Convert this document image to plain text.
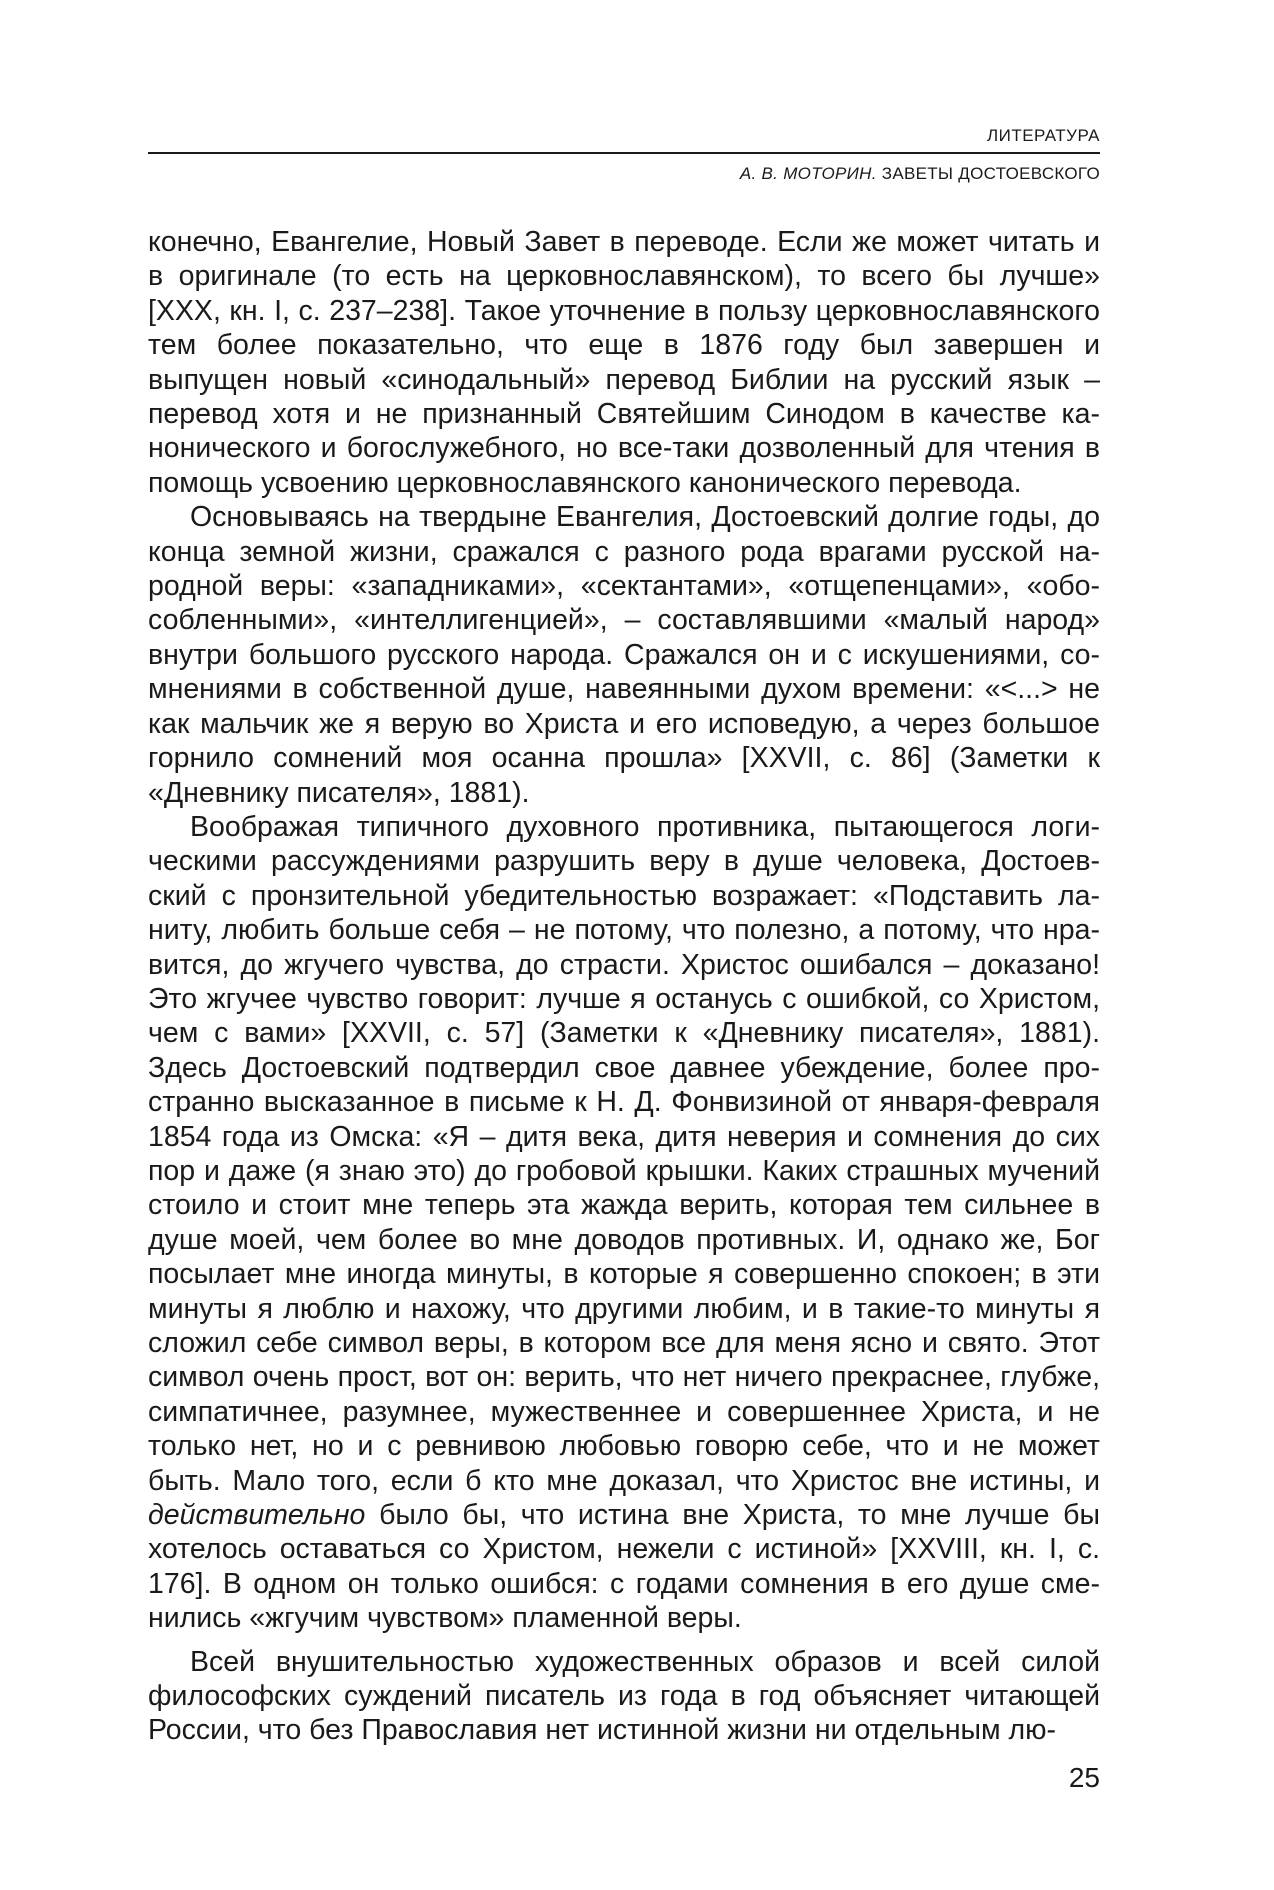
ЛИТЕРАТУРА
А. В. МОТОРИН. ЗАВЕТЫ ДОСТОЕВСКОГО

конечно, Евангелие, Новый Завет в переводе. Если же может читать и в оригинале (то есть на церковнославянском), то всего бы лучше» [ХХХ, кн. I, с. 237–238]. Такое уточнение в пользу церковнославянского тем более показательно, что еще в 1876 году был завершен и выпущен новый «синодальный» перевод Библии на русский язык – перевод хотя и не признанный Святейшим Синодом в качестве канонического и богослужебного, но все-таки дозволенный для чтения в помощь усвоению церковнославянского канонического перевода.

Основываясь на твердыне Евангелия, Достоевский долгие годы, до конца земной жизни, сражался с разного рода врагами русской народной веры: «западниками», «сектантами», «отщепенцами», «обособленными», «интеллигенцией», – составлявшими «малый народ» внутри большого русского народа. Сражался он и с искушениями, сомнениями в собственной душе, навеянными духом времени: «<...> не как мальчик же я верую во Христа и его исповедую, а через большое горнило сомнений моя осанна прошла» [XXVII, с. 86] (Заметки к «Дневнику писателя», 1881).

Воображая типичного духовного противника, пытающегося логическими рассуждениями разрушить веру в душе человека, Достоевский с пронзительной убедительностью возражает: «Подставить ланиту, любить больше себя – не потому, что полезно, а потому, что нравится, до жгучего чувства, до страсти. Христос ошибался – доказано! Это жгучее чувство говорит: лучше я останусь с ошибкой, со Христом, чем с вами» [XXVII, с. 57] (Заметки к «Дневнику писателя», 1881). Здесь Достоевский подтвердил свое давнее убеждение, более пространно высказанное в письме к Н. Д. Фонвизиной от января-февраля 1854 года из Омска: «Я – дитя века, дитя неверия и сомнения до сих пор и даже (я знаю это) до гробовой крышки. Каких страшных мучений стоило и стоит мне теперь эта жажда верить, которая тем сильнее в душе моей, чем более во мне доводов противных. И, однако же, Бог посылает мне иногда минуты, в которые я совершенно спокоен; в эти минуты я люблю и нахожу, что другими любим, и в такие-то минуты я сложил себе символ веры, в котором все для меня ясно и свято. Этот символ очень прост, вот он: верить, что нет ничего прекраснее, глубже, симпатичнее, разумнее, мужественнее и совершеннее Христа, и не только нет, но и с ревнивою любовью говорю себе, что и не может быть. Мало того, если б кто мне доказал, что Христос вне истины, и действительно было бы, что истина вне Христа, то мне лучше бы хотелось оставаться со Христом, нежели с истиной» [XXVIII, кн. I, с. 176]. В одном он только ошибся: с годами сомнения в его душе сменились «жгучим чувством» пламенной веры.

Всей внушительностью художественных образов и всей силой философских суждений писатель из года в год объясняет читающей России, что без Православия нет истинной жизни ни отдельным лю-

25
